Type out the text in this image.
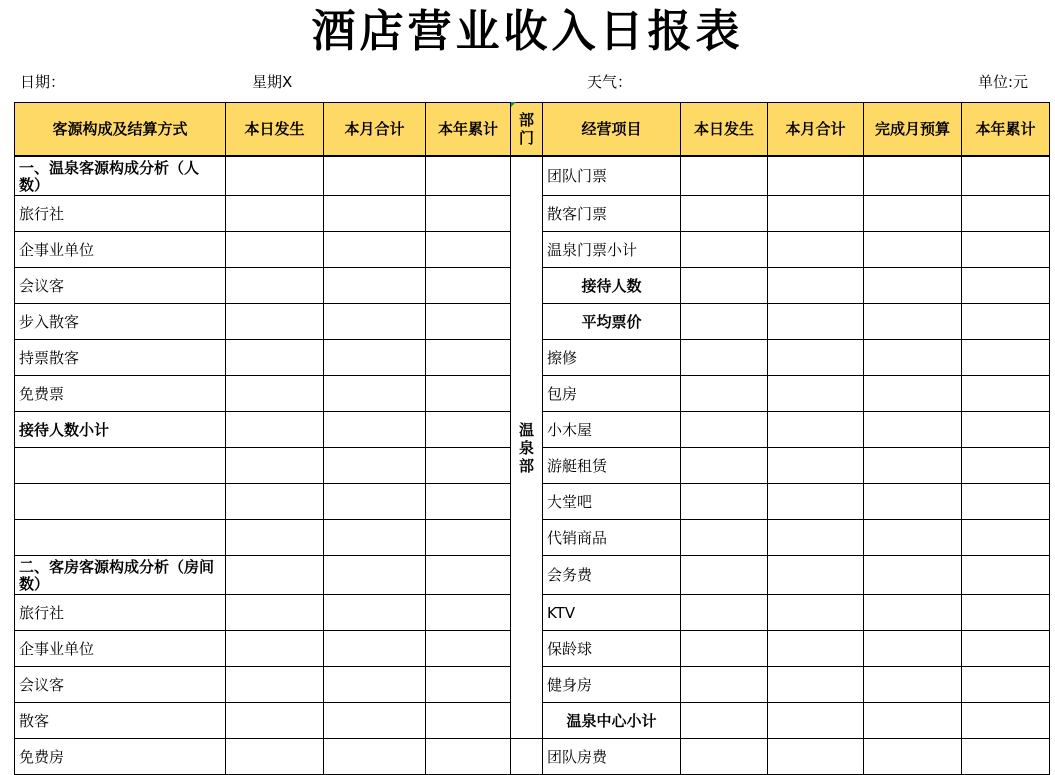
酒店营业收入日报表
日期：	星期X	天气：	单位:元
客源构成及结算方式	本日发生	本月合计	本年累计	部门	经营项目	本日发生	本月合计	完成月预算	本年累计
一、温泉客源构成分析（人数）				温泉部	团队门票				
旅行社					散客门票				
企事业单位					温泉门票小计				
会议客					接待人数				
步入散客					平均票价				
持票散客					擦修				
免费票					包房				
接待人数小计					小木屋				
					游艇租赁				
					大堂吧				
					代销商品				
二、客房客源构成分析（房间数）					会务费				
旅行社					KTV				
企事业单位					保龄球				
会议客					健身房				
散客					温泉中心小计				
免费房					团队房费				
